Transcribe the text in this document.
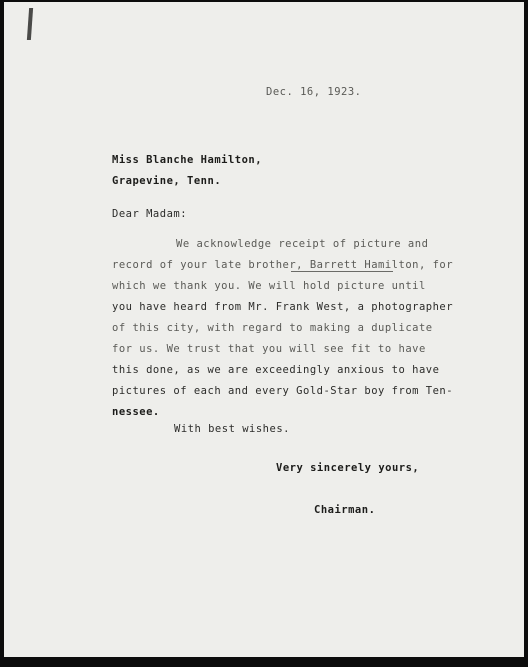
Dec. 16, 1923.
Miss Blanche Hamilton,
Grapevine, Tenn.
Dear Madam:
We acknowledge receipt of picture and
record of your late brother, Barrett Hamilton, for
which we thank you. We will hold picture until
you have heard from Mr. Frank West, a photographer
of this city, with regard to making a duplicate
for us. We trust that you will see fit to have
this done, as we are exceedingly anxious to have
pictures of each and every Gold-Star boy from Ten-
nessee.
With best wishes.
Very sincerely yours,
Chairman.
